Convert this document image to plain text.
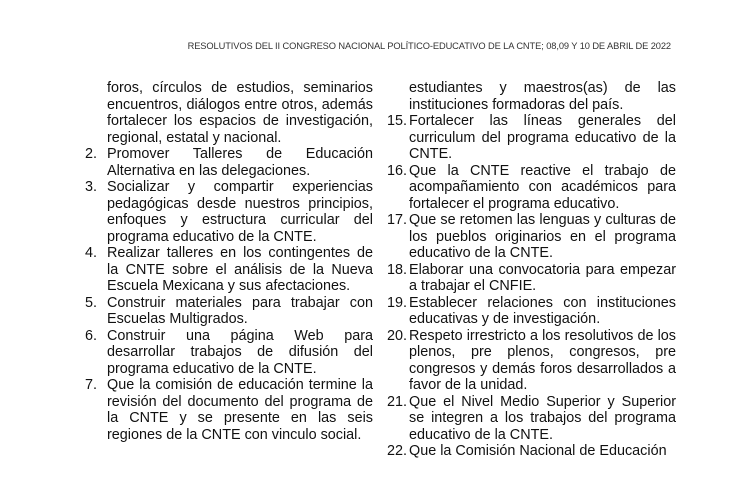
RESOLUTIVOS DEL II CONGRESO NACIONAL POLÍTICO-EDUCATIVO DE LA CNTE; 08,09 Y 10 DE ABRIL DE 2022
foros, círculos de estudios, seminarios encuentros, diálogos entre otros, además fortalecer los espacios de investigación, regional, estatal y nacional.
2. Promover Talleres de Educación Alternativa en las delegaciones.
3. Socializar y compartir experiencias pedagógicas desde nuestros principios, enfoques y estructura curricular del programa educativo de la CNTE.
4. Realizar talleres en los contingentes de la CNTE sobre el análisis de la Nueva Escuela Mexicana y sus afectaciones.
5. Construir materiales para trabajar con Escuelas Multigrados.
6. Construir una página Web para desarrollar trabajos de difusión del programa educativo de la CNTE.
7. Que la comisión de educación termine la revisión del documento del programa de la CNTE y se presente en las seis regiones de la CNTE con vinculo social.
estudiantes y maestros(as) de las instituciones formadoras del país.
15. Fortalecer las líneas generales del curriculum del programa educativo de la CNTE.
16. Que la CNTE reactive el trabajo de acompañamiento con académicos para fortalecer el programa educativo.
17. Que se retomen las lenguas y culturas de los pueblos originarios en el programa educativo de la CNTE.
18. Elaborar una convocatoria para empezar a trabajar el CNFIE.
19. Establecer relaciones con instituciones educativas y de investigación.
20. Respeto irrestricto a los resolutivos de los plenos, pre plenos, congresos, pre congresos y demás foros desarrollados a favor de la unidad.
21. Que el Nivel Medio Superior y Superior se integren a los trabajos del programa educativo de la CNTE.
22. Que la Comisión Nacional de Educación
